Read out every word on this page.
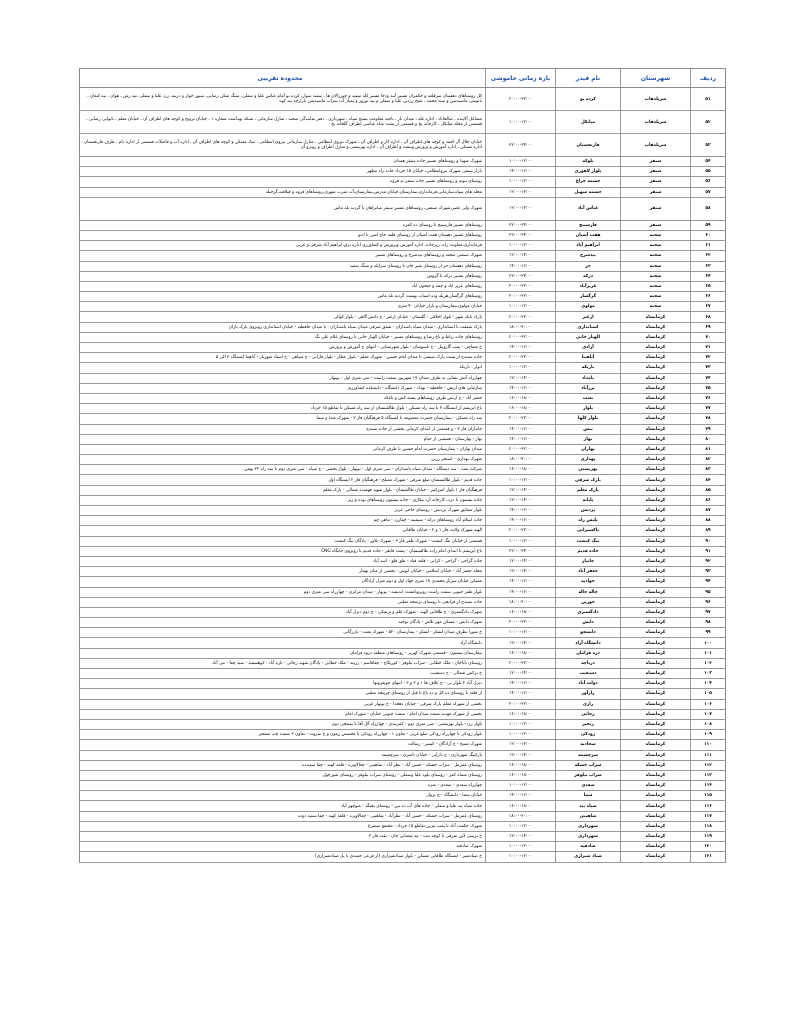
ردیف
شهرستان
نام فیدر
بازه زمانی خاموشی
محدوده تقریبی
۵۱
سرپلذهاب
کرده نو
۲۰:۰۰-۲۲:۰۰
کل روستاهای دهستان سرقلعه و حکمران مسیر آبنه ودخا مسیر کله سفید و چورزالان ها ، سفید سوار، کرده نو آمام عباس علیا و سفلی، سنگ شکن رضایی، سپور خوار و درینه، زرد علیا و سفلی ،تپه رش ، هوان ، تپه کنعان ، بانوسی ماسیدشن و سید محمد ، شیخ رزدین علیا و سفلی و تپه نوروز و پمپاژ آب سراب ماسیدشن بازارچه تپه کوه
۵۲
سرپلذهاب
میانکل
۱۰:۰۰-۱۲:۰۰
مشاغل آلاینده ، صالحاباد ، اداره غله ، میدان بار ، ناحیه مقاومت بسیج سپاه ، شهرداری ، دفتر نمایندگی صحنه ، منازل سازمانی ، شبکه بهداشت شماره ۱ ، خیابان ترویج و کوچه های اطراف آن ، خیابان معلم ، نانوایی رضایی ، قسمتی از محله میانکل ، کارخانه یخ و قسمتی از پشت شاه عباسی اطراف گلخانه یخ
۵۳
سرپلذهاب
فارنجستان
۲۲:۰۰-۲۴:۰۰
خیابان جلال آل احمد و کوچه های اطراف آن ، اداره کار و اطراف آن ، شهرک نیروی انتظامی ، منازل سازمانی نیروی انتظامی ، بنیاد مسکن و کوچه های اطراف آن ، اداره آب و فاضلاب قسمتی از اداره دام ، طرف فارنجستان ، اداره مسکن ، اداره آموزش و پرورش ونیمت و اطراف آن ، اداره بهزیستی و منازل اطراف و روبرو آن
۵۴
سنقر
بلوکه
۱۰:۰۰-۱۲:۰۰
شهرک شهدا و روستاهای مسیر جاده سنقر همدان
۵۵
سنقر
بلوار لاهوری
۱۴:۰۰-۱۶:۰۰
بازار سنقر، شهرک نیروانتظامی، خیابان ۱۵ خرداد جاده راه مطهر
۵۶
سنقر
چشمه چراغ
۱۰:۰۰-۱۲:۰۰
روستای بیونه و روستاهای مسیر جاده سنقر به قروه
۵۷
سنقر
چشمه سهیل
۱۲:۰۰-۱۴:۰۰
محله های سپاه،سازمانی،فرمانداری،بیمارستان،خیابان مدرس،بیمارستان،آب شرب شهری،روستاهای قروه و قیلاقیه،گرجیله
۵۸
سنقر
عباس آباد
۱۲:۰۰-۱۴:۰۰
شهرک ولی عصر،شهرک صنعتی، روستاهای مسیر سنقر میانراهان تا گردنه نله ماس
۵۹
سنقر
فارسینج
۲۲:۰۰-۲۴:۰۰
روستاهای مسیر فارسینج تا روستای ده کمره
۶۰
صحنه
هفت آشیان
۲۲:۰۰-۲۴:۰۰
روستاهای مسیر دهستان هفت اشیان از روستای قلعه حاج امین تا ادنو
۶۱
صحنه
ابراهیم آباد
۱۰:۰۰-۱۲:۰۰
فرمانداری،معاونت راه، زیرجاده، اداره آموزش وپرورش و کشاورزی اداره برق،ابراهیم آباد شرقی و غربی
۶۲
صحنه
بیدسرخ
۱۲:۰۰-۱۴:۰۰
شهرک صنعتی صحنه و روستاهای بیدسرخ و روستاهای مسیر
۶۳
صحنه
حر
۱۴:۰۰-۱۶:۰۰
روستاهای دهستان حر از روستای شیر خان تا روستای سرابله و سنگ سفید
۶۴
صحنه
درکه
۲۲:۰۰-۲۴:۰۰
روستاهای مسیر درکه تا گروس
۶۵
صحنه
عزیزآباد
۲۰:۰۰-۲۲:۰۰
روستاهای عزیز اباد و چمه و جیحون اباد
۶۶
صحنه
گرگسار
۲۰:۰۰-۲۲:۰۰
روستاهای گرگسار،هریله وده اسیاب بهست گردنه نله ماس
۶۷
صحنه
مولوی
۱۰:۰۰-۱۲:۰۰
خیابان مولوی،بیمارستان و بازار خیابان ۴۰ متری
۶۸
کرمانشاه
ارغتر
۲۰:۰۰-۲۲:۰۰
پارک بانک شهر - بلوار اخلاقی - گلستان - خیابان ارغتر - خ دانش گاهی - بلوار کوالی
۶۹
کرمانشاه
استانداری
۱۸:۰۰-۲۰:۰۰
پارک شفقت تا استانداری - میدان سپاه پاسداران - شفق شرقی میدان سپاه پاسداران - تا میدان حافظیه - خیابان استانداری روبروی پارک باران
۷۰
کرمانشاه
الهیار خانی
۲۰:۰۰-۲۲:۰۰
روستاهای جاده رباط و باغ رضا و روستاهای مسیر - خیابان الهیار خانی تا روستای غلام علی بگ
۷۱
کرمانشاه
آزادی
۱۴:۰۰-۱۶:۰۰
خ شفاچی - پمپ گازوییل - خ تاسوسان - بلوار شهرستانی - انتهای خ آموزش و پرورش
۷۲
کرمانشاه
آناهیتا
۲۰:۰۰-۲۲:۰۰
جاده سنندج از پست پارک صنعتی تا میدان امام حسین - شهرک معلم - بلوار عطار - بلوار فارابی - خ سپاهی - خ استاد شهریار - آناهیتا ایستگاه ۳ الی ۵
۷۳
کرمانشاه
باریکه
۱۰:۰۰-۱۲:۰۰
انوار - باریکه
۷۴
کرمانشاه
بامداد
۱۲:۰۰-۱۴:۰۰
چهارراه آتش نشانی به طرف میدان ۱۷ شهریور سمت راست - سی متری اول - نوبهار
۷۵
کرمانشاه
برزآباد
۱۴:۰۰-۱۶:۰۰
سازمانی های ارتش - حافظیه - بهداد - شهرک دانشگاه - دانشکده کشاورزی
۷۶
کرمانشاه
بعثت
۱۶:۰۰-۱۸:۰۰
جعفر آباد - خ ارتش طرف روستاهای پشته کش و باغکه
۷۷
کرمانشاه
بلوار
۱۶:۰۰-۱۸:۰۰
باغ ابریشم از ایستگاه ۲ تا سه راه مسکن - بلوار طالقینشان از سه راه مسکن تا تقاطع ۱۵ خرداد
۷۸
کرمانشاه
بلوار کلها
۲۰:۰۰-۲۲:۰۰
سه راه مسکن - بیمارستان حضرت معصومه تا ایستگاه ۵ فرهنگیان فاز ۲ - شهرک شدا و سما
۷۹
کرمانشاه
بنش
۱۴:۰۰-۱۶:۰۰
جانبازان فاز ۳ - و قسمتی از ابتدای کرمانی بخشی از جاده سنندج
۸۰
کرمانشاه
بهار
۱۴:۰۰-۱۶:۰۰
بهار - بهارستان - قسمتی از خیام
۸۱
کرمانشاه
بهاران
۲۰:۰۰-۲۲:۰۰
میدان بهاران - بیمارستان حضرت امام حسین تا طرف کرمانی
۸۲
کرمانشاه
بهداری
۱۸:۰۰-۲۰:۰۰
شهرک بهداری - استخر زرین
۸۳
کرمانشاه
بهزیستی
۱۶:۰۰-۱۸:۰۰
شرکت نفت - سد دستگاه - میدان سپاه پاسداران - سی متری اول - نوبهار - بلوار بخشی - خ سپاه - سی متری دوم تا سه راه ۲۲ بهمن
۸۴
کرمانشاه
پارک شرقی
۱۰:۰۰-۱۲:۰۰
جاده قدیم - بلوار طالقینشان ضلع شرقی - شهرک مصلح - فرهنگیان فاز ۲ ایستگاه اول
۸۵
کرمانشاه
پارک معلم
۱۲:۰۰-۱۴:۰۰
فرهنگیان فاز ۱ بلوار امیرکبیر - خیابان طالقیشان - بلوار شهید فهمیده شمالی - پارک معلم
۸۶
کرمانشاه
پایانه
۱۲:۰۰-۱۴:۰۰
جاده بیستون تا درب کارخانه آرد بیکاری - جاده بیستون روستاهای نوده و ریز
۸۷
کرمانشاه
پردیس
۱۴:۰۰-۱۶:۰۰
بلوار شقایق شهرک پردیس - روستای حاجی عزیز
۸۸
کرمانشاه
پلیس راه
۱۴:۰۰-۱۶:۰۰
جاده اسلام آباد روستاهای درکه - سیمینه - چقازرد - ماهی چم
۸۹
کرمانشاه
تاکسیرانی
۲۰:۰۰-۲۲:۰۰
الهیه شهرک ولایت فاز ۱ و ۲ - خیابان طاقانی
۹۰
کرمانشاه
تنگ کنشت
۱۰:۰۰-۱۲:۰۰
قسمتی از خیابان تنگ کنشت - شهرک ظفر فاز ۳ - شهرک تلاور - پادگان تنگ کنشت
۹۱
کرمانشاه
جاده قدیم
۲۲:۰۰-۲۴:۰۰
باغ ابریشم تا ابتدای امام زاده طالقینشان - پشت قاطر - جاده قدیم تا روبروی جایگاه CNG
۹۲
کرمانشاه
جانباز
۱۲:۰۰-۱۴:۰۰
جاده گراجی - گراجی - کرانی - قلعه قباد - طق قلع - اسد آباد
۹۳
کرمانشاه
جعفر آباد
۱۲:۰۰-۱۴:۰۰
محله جعفر آباد - خیابان اسلامی - خیابان انوش - بخشی از میان تهماز
۹۴
کرمانشاه
جوادیه
۱۴:۰۰-۱۶:۰۰
مسکن خیابان سرباز محمدی ۱۸ متری جهاد اول و دوم منزل آزادگان
۹۵
کرمانشاه
چاله چاله
۱۴:۰۰-۱۶:۰۰
بلوار ظفر جنوبی سمت راست روبروبامتعدد اندیشه - نوبهار - میدان مرکزی - چهارراه سی متری دوم
۹۶
کرمانشاه
خورین
۱۸:۰۰-۲۰:۰۰
جاده سنندج از فرانچی تا روستای نرسحه مطبی
۹۷
کرمانشاه
دادگستری
۱۶:۰۰-۱۸:۰۰
شهرک دادگستری - خ طاقانی الهیه - شهرک علم و ترشکی - خ دوم دنزل آباد
۹۸
کرمانشاه
دانش
۲۰:۰۰-۲۲:۰۰
شهرک دانش - مسکن مهر تلاش - پادگان توحید
۹۹
کرمانشاه
دانشجو
۱۰:۰۰-۱۲:۰۰
خ شورا بطرف میدان لشکر - لشکر - بیمارستان ۵۲۰ - شهرک بعثت - بازرگانی
۱۰۰
کرمانشاه
دانشگاه آزاد
۱۲:۰۰-۱۴:۰۰
دانشگاه آزاد
۱۰۱
کرمانشاه
دره فرامان
۱۶:۰۰-۱۸:۰۰
بیمارستان بیستون - قسمتی شهرک کهریز - روستاهای منطقه دروه فرامان
۱۰۲
کرمانشاه
دریاچه
۲۰:۰۰-۲۲:۰۰
روستای باباجان - ملک خطایی - سراب نیلوفر - کوریکاج - چقاقاسم - زرینه - ملک خطایی - پادگان شهید رجائی - تازه آباد - کوهسفید - سید چقا - بنی آباد
۱۰۳
کرمانشاه
دستغیب
۱۲:۰۰-۱۴:۰۰
خ ترکس شمالی - خ دستغیب
۱۰۴
کرمانشاه
دولت آباد
۱۴:۰۰-۱۶:۰۰
دیزل آباد ۲ بلوار بی - خ علاف ها ۱ و ۲ و ۳ - انتهای جوبغرونها
۱۰۵
کرمانشاه
رازآور
۱۴:۰۰-۱۶:۰۰
از قلعه تا روستای ده کل و ده باغ تا قبل از روستای چرپنجه مطبی
۱۰۶
کرمانشاه
رازی
۲۰:۰۰-۲۲:۰۰
بخشی از شهرک معلم پارک شرقی - خیابان دهخدا - خ نوبهار غربی
۱۰۷
کرمانشاه
رجایی
۱۶:۰۰-۱۸:۰۰
بخشی از شهرک مهدیه سمت میدان امام - سمت جنوبی خیابان - شهرک امام
۱۰۸
کرمانشاه
رنجبر
۱۰:۰۰-۱۲:۰۰
بلوار زن - بلوار بهزیستی - سی متری دوم - کمربندی - چهارراه گل آقا تا بسیجی دوم
۱۰۹
کرمانشاه
رودکی
۱۰:۰۰-۱۲:۰۰
بلوار رودکی تا چهارراه رودکی ضلع غربی - تعاون ۱ - چهارراه رودکی تا محصص زیتون و خ سروت - تعاون ۲ سمت چپ مشجر
۱۱۰
کرمانشاه
سجادیه
۱۲:۰۰-۱۴:۰۰
شهرک مسح - خ آزادگان - کیسر - رسالت
۱۱۱
کرمانشاه
سرچشمه
۱۲:۰۰-۱۴:۰۰
پارکینگ شهرداری - خ دارایی - خیابان ناصری - سرچشمه
۱۱۲
کرمانشاه
سراب خشکه
۱۶:۰۰-۱۸:۰۰
روستای عمرمل - سراب خشکه - حسن آباد - نظر آباد - شاهینی - چغالاویزه - قلعه کهنه - چقا سفیدده
۱۱۳
کرمانشاه
سراب نیلوفر
۱۶:۰۰-۱۸:۰۰
روستای سماه کمر - روستای بلوه علیا وسفلی - روستای سراب نیلوفر - روستای شورجول
۱۱۴
کرمانشاه
سعدی
۱۰:۰۰-۱۲:۰۰
چهارراه سعدی - سعدی - منزه
۱۱۵
کرمانشاه
سما
۱۴:۰۰-۱۶:۰۰
خیابان سما - دانشگاه - خ پرواز
۱۱۶
کرمانشاه
سیاه بید
۱۶:۰۰-۱۸:۰۰
جاده سیاه بید علیا و سفلی - جاده های آب ده بین - روستای بجنگه - منوچهر آباد
۱۱۷
کرمانشاه
شاهینی
۱۸:۰۰-۲۰:۰۰
روستای عمرمل - سراب خشکه - حسن آباد - نظرآباد - شاهینی - چغالاویزه - قلعه کهنه - چقا سفید دوده
۱۱۸
کرمانشاه
شهرداری
۱۰:۰۰-۱۲:۰۰
شهرک حکمت آباد تا پمپ بنزین تقاطع ۱۵ خرداد - مجتمع سیمرغ
۱۱۹
کرمانشاه
شهرداری
۱۲:۰۰-۱۴:۰۰
خ تربیتی لاین شرقی تا کوچه ثبت - تپه شعبانی خان - نفت فاز ۲
۱۲۰
کرمانشاه
صادقیه
۱۰:۰۰-۱۲:۰۰
شهرک صادقیه
۱۲۱
کرمانشاه
صیاد شیرازی
۱۰:۰۰-۱۲:۰۰
خ صیادشیر - ایستگاه طاقانی مسکن - بلوار صیادشیرازی (از فرعی حمیدی تا پل صیادشیرازی)
